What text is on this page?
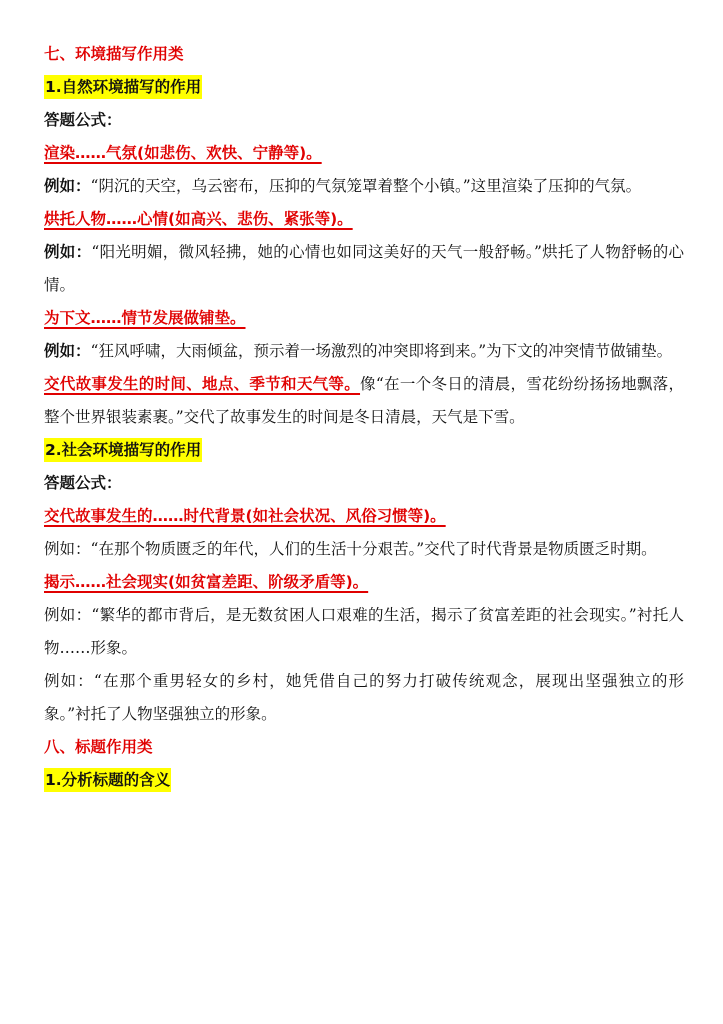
七、环境描写作用类
1.自然环境描写的作用
答题公式：
渲染……气氛(如悲伤、欢快、宁静等)。
例如：“阴沉的天空，乌云密布，压抑的气氛笼罩着整个小镇。”这里渲染了压抑的气氛。
烘托人物……心情(如高兴、悲伤、紧张等)。
例如：“阳光明媚，微风轻拂，她的心情也如同这美好的天气一般舒畅。”烘托了人物舒畅的心情。
为下文……情节发展做铺垫。
例如：“狂风呼啸，大雨倾盆，预示着一场激烈的冲突即将到来。”为下文的冲突情节做铺垫。
交代故事发生的时间、地点、季节和天气等。像“在一个冬日的清晨，雪花纷纷扬扬地飘落，整个世界银装素裹。”交代了故事发生的时间是冬日清晨，天气是下雪。
2.社会环境描写的作用
答题公式：
交代故事发生的……时代背景(如社会状况、风俗习惯等)。
例如：“在那个物质匮乏的年代，人们的生活十分艰苦。”交代了时代背景是物质匮乏时期。
揭示……社会现实(如贫富差距、阶级矛盾等)。
例如：“繁华的都市背后，是无数贫困人口艰难的生活，揭示了贫富差距的社会现实。”衬托人物……形象。
例如：“在那个重男轻女的乡村，她凭借自己的努力打破传统观念，展现出坚强独立的形象。”衬托了人物坚强独立的形象。
八、标题作用类
1.分析标题的含义
